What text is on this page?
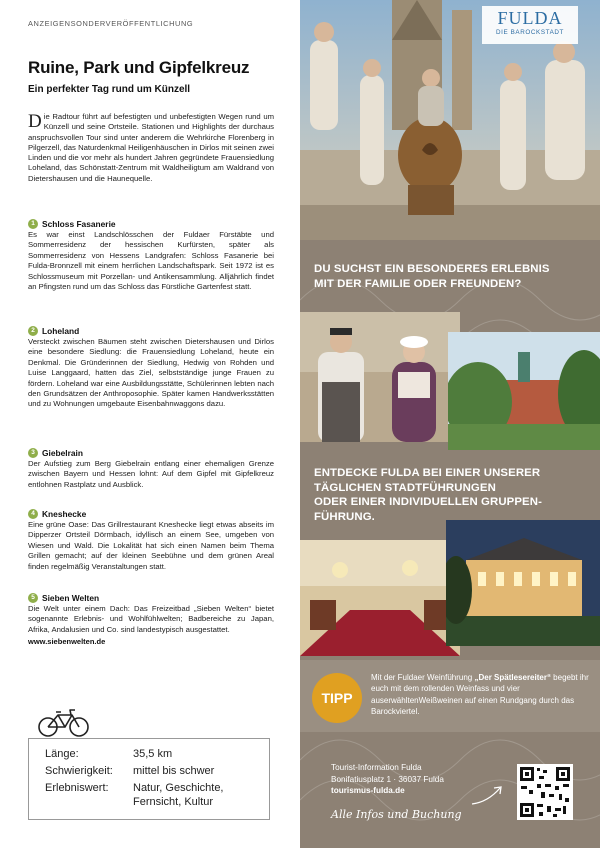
ANZEIGENSONDERVERÖFFENTLICHUNG
Ruine, Park und Gipfelkreuz
Ein perfekter Tag rund um Künzell
Die Radtour führt auf befestigten und unbefestigten Wegen rund um Künzell und seine Ortsteile. Stationen und Highlights der durchaus anspruchsvollen Tour sind unter anderem die Wehrkirche Florenberg in Pilgerzell, das Naturdenkmal Heiligenhäuschen in Dirlos mit seinen zwei Linden und die vor mehr als hundert Jahren gegründete Frauensiedlung Loheland, das Schönstatt-Zentrum mit Waldheiligtum am Waldrand von Dietershausen und die Haunequelle.
1 Schloss Fasanerie
Es war einst Landschlösschen der Fuldaer Fürstäbte und Sommerresidenz der hessischen Kurfürsten, später als Sommerresidenz von Hessens Landgrafen: Schloss Fasanerie bei Fulda-Bronnzell mit einem herrlichen Landschaftspark. Seit 1972 ist es Schlossmuseum mit Porzellan- und Antikensammlung. Alljährlich findet an Pfingsten rund um das Schloss das Fürstliche Gartenfest statt.
2 Loheland
Versteckt zwischen Bäumen steht zwischen Dietershausen und Dirlos eine besondere Siedlung: die Frauensiedlung Loheland, heute ein Denkmal. Die Gründerinnen der Siedlung, Hedwig von Rohden und Luise Langgaard, hatten das Ziel, selbstständige junge Frauen zu fördern. Loheland war eine Ausbildungsstätte, Schülerinnen lebten nach den Grundsätzen der Anthroposophie. Später kamen Handwerksstätten und zu Wohnungen umgebaute Eisenbahnwaggons dazu.
3 Giebelrain
Der Aufstieg zum Berg Giebelrain entlang einer ehemaligen Grenze zwischen Bayern und Hessen lohnt: Auf dem Gipfel mit Gipfelkreuz entlohnen Rastplatz und Ausblick.
4 Kneshecke
Eine grüne Oase: Das Grillrestaurant Kneshecke liegt etwas abseits im Dipperzer Ortsteil Dörmbach, idyllisch an einem See, umgeben von Wiesen und Wald. Die Lokalität hat sich einen Namen beim Thema Grillen gemacht; auf der kleinen Seebühne und dem grünen Areal finden regelmäßig Veranstaltungen statt.
5 Sieben Welten
Die Welt unter einem Dach: Das Freizeitbad „Sieben Welten“ bietet sogenannte Erlebnis- und Wohlfühlwelten; Badbereiche zu Japan, Afrika, Andalusien und Co. sind landestypisch ausgestattet.
www.siebenwelten.de
Länge:	35,5 km
Schwierigkeit: mittel bis schwer
Erlebniswert: Natur, Geschichte, Fernsicht, Kultur
FULDA
DIE BAROCKSTADT
DU SUCHST EIN BESONDERES ERLEBNIS
MIT DER FAMILIE ODER FREUNDEN?
ENTDECKE FULDA BEI EINER UNSERER
TÄGLICHEN STADTFÜHRUNGEN
ODER EINER INDIVIDUELLEN GRUPPEN-
FÜHRUNG.
TIPP
Mit der Fuldaer Weinführung „Der Spätlesereiter“ begebt ihr euch mit dem rollenden Weinfass und vier auserwähltenWeißweinen auf einen Rundgang durch das Barockviertel.
Tourist-Information Fulda
Bonifatiusplatz 1 · 36037 Fulda
tourismus-fulda.de
Alle Infos und Buchung
